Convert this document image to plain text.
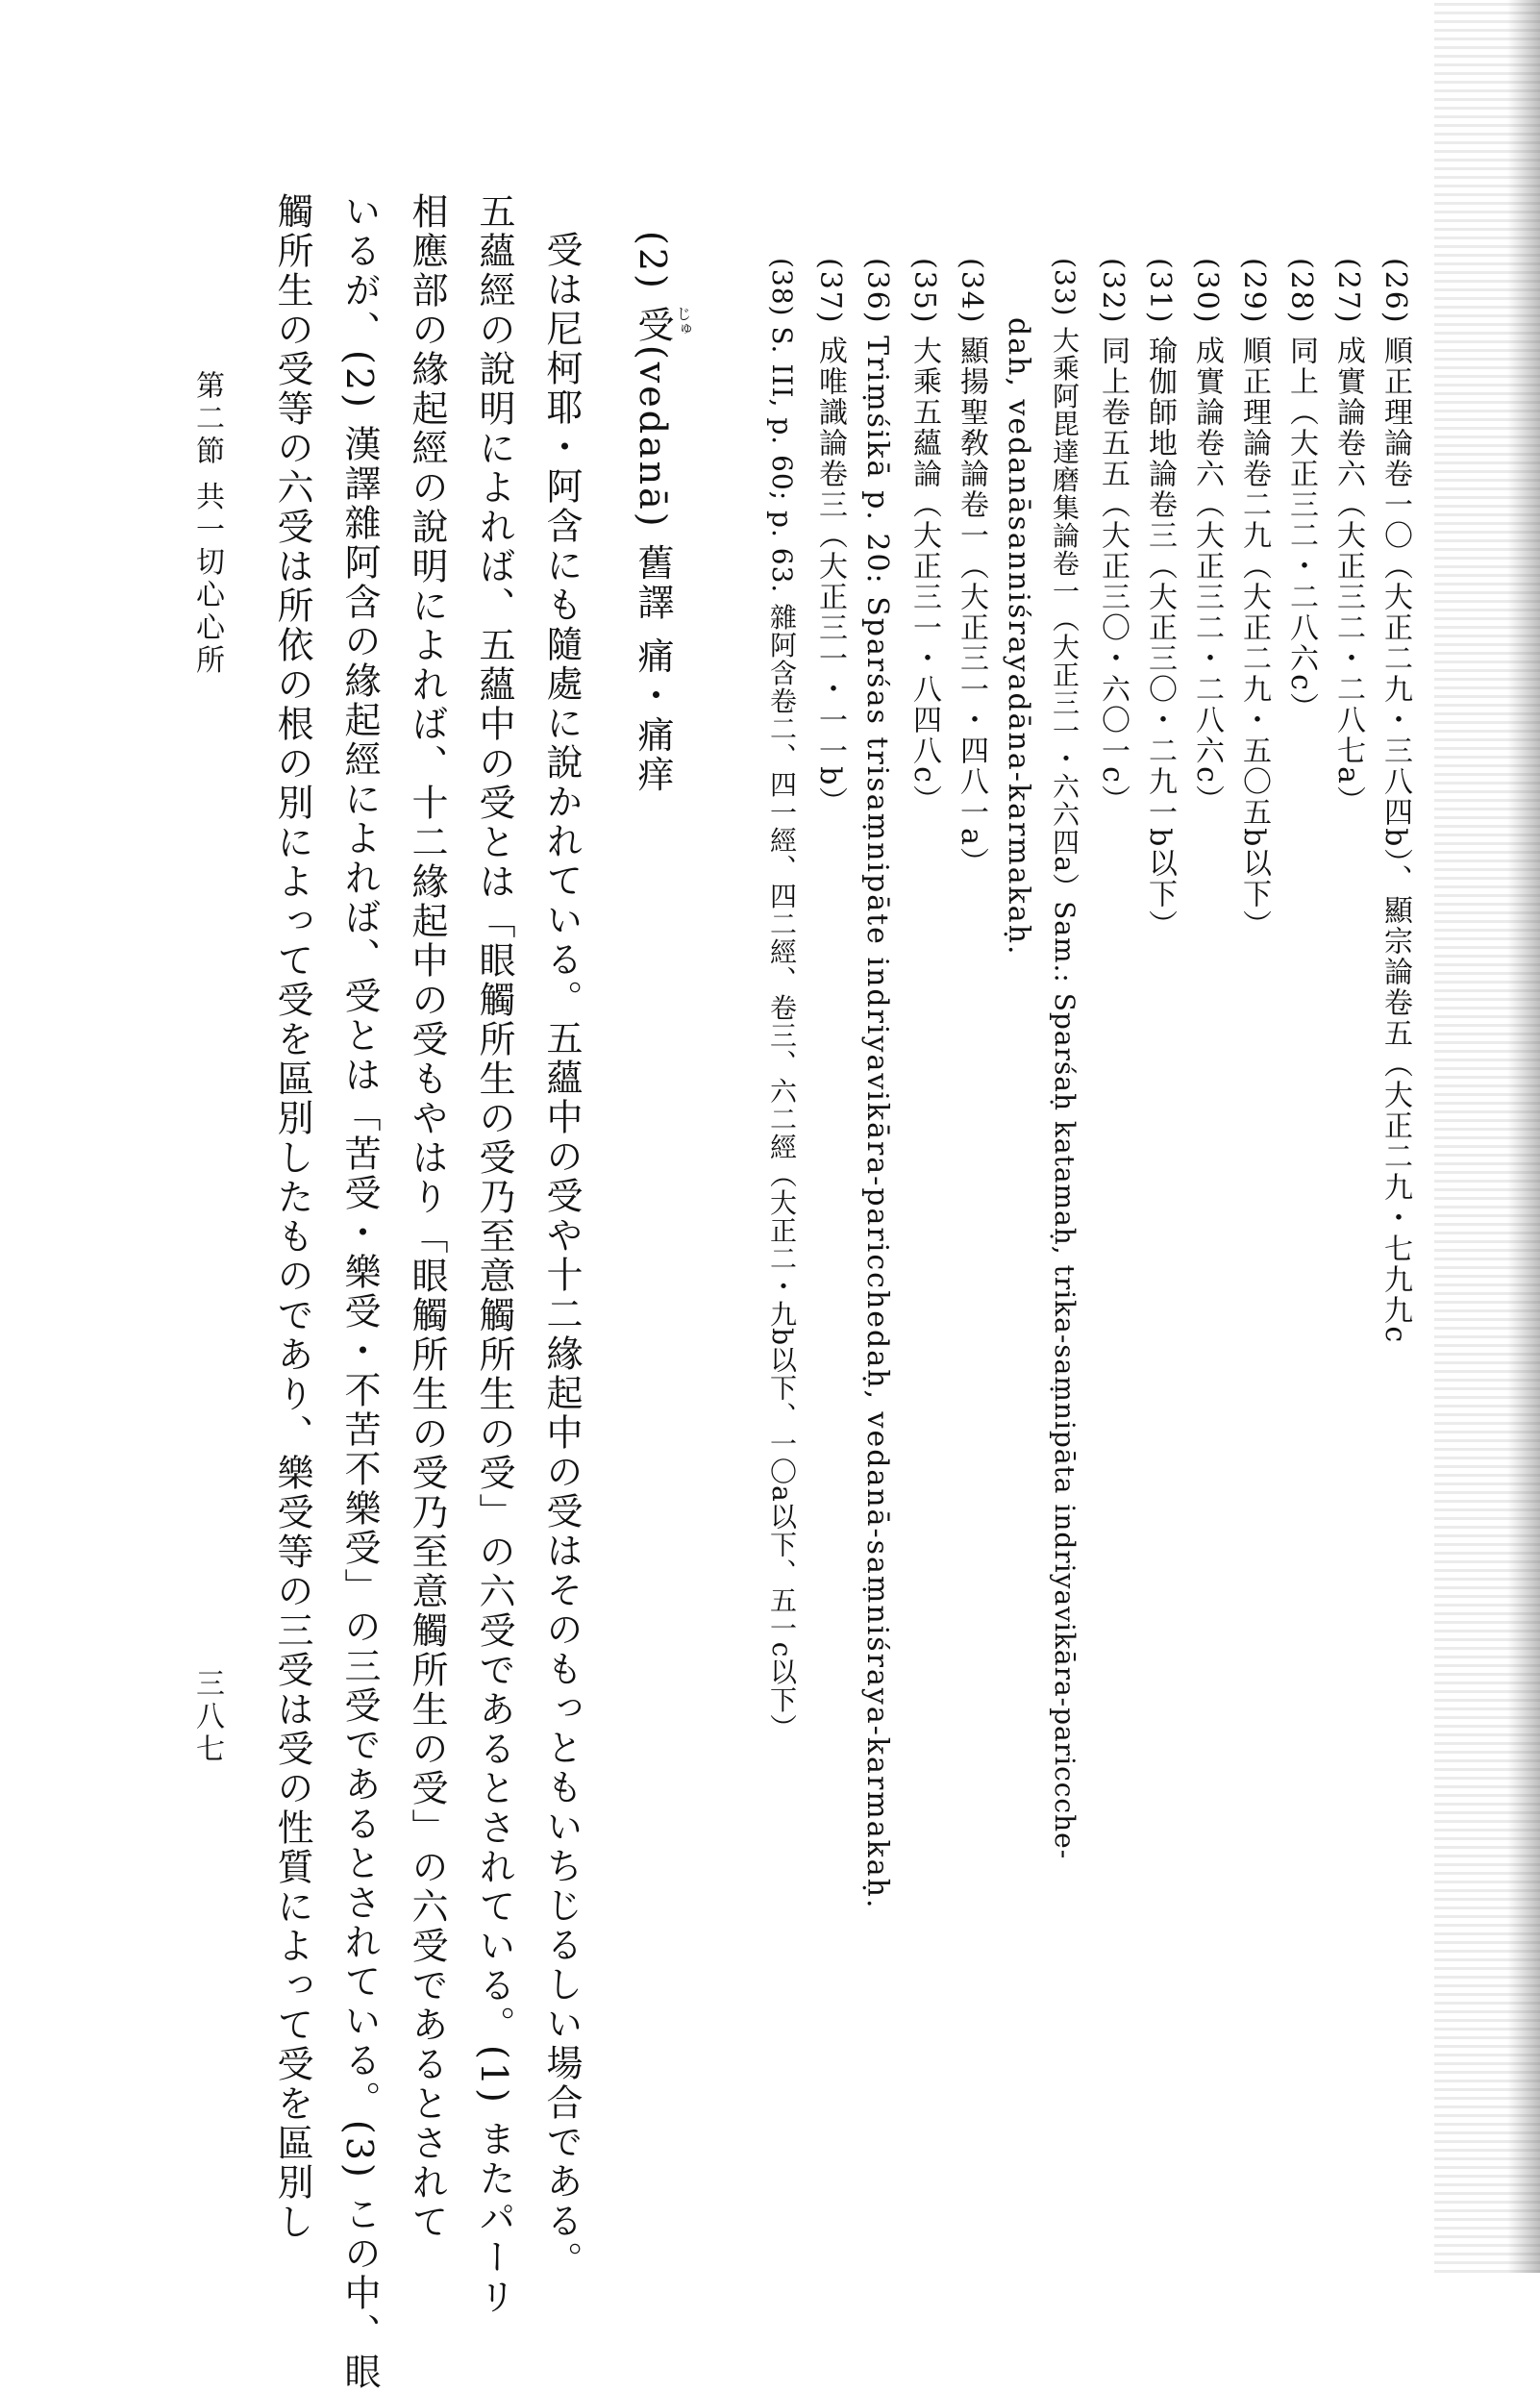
(26) 順正理論卷一〇（大正二九・三八四b）、顯宗論卷五（大正二九・七九九c
(27) 成實論卷六（大正三二・二八七a）
(28) 同上（大正三二・二八六c）
(29) 順正理論卷二九（大正二九・五〇五b以下）
(30) 成實論卷六（大正三二・二八六c）
(31) 瑜伽師地論卷三（大正三〇・二九一b以下）
(32) 同上卷五五（大正三〇・六〇一c）
(33) 大乘阿毘達磨集論卷一（大正三一・六六四a）Sam.: Sparśaḥ katamaḥ, trika-saṃnipāta indriyavikāra-pariccche-
dah, vedanāsanniśrayadāna-karmakaḥ.
(34) 顯揚聖敎論卷一（大正三一・四八一a）
(35) 大乘五蘊論（大正三一・八四八c）
(36) Triṃśikā p. 20: Sparśas trisaṃnipāte indriyavikāra-paricchedaḥ, vedanā-saṃniśraya-karmakaḥ.
(37) 成唯識論卷三（大正三一・一一b）
(38) S. III, p. 60; p. 63. 雜阿含卷二、四一經、四二經、卷三、六二經（大正二・九b以下、一〇a以下、五一c以下）
(2) 受(vedanā) 舊譯 痛・痛痒 じゅ
受は尼柯耶・阿含にも隨處に說かれている。五蘊中の受や十二緣起中の受はそのもっともいちじるしい場合である。
五蘊經の說明によれば、五蘊中の受とは「眼觸所生の受乃至意觸所生の受」の六受であるとされている。(1) またパーリ
相應部の緣起經の說明によれば、十二緣起中の受もやはり「眼觸所生の受乃至意觸所生の受」の六受であるとされて
いるが、(2) 漢譯雜阿含の緣起經によれば、受とは「苦受・樂受・不苦不樂受」の三受であるとされている。(3) この中、眼
觸所生の受等の六受は所依の根の別によって受を區別したものであり、樂受等の三受は受の性質によって受を區別し
第二節 共一切心心所
三八七
